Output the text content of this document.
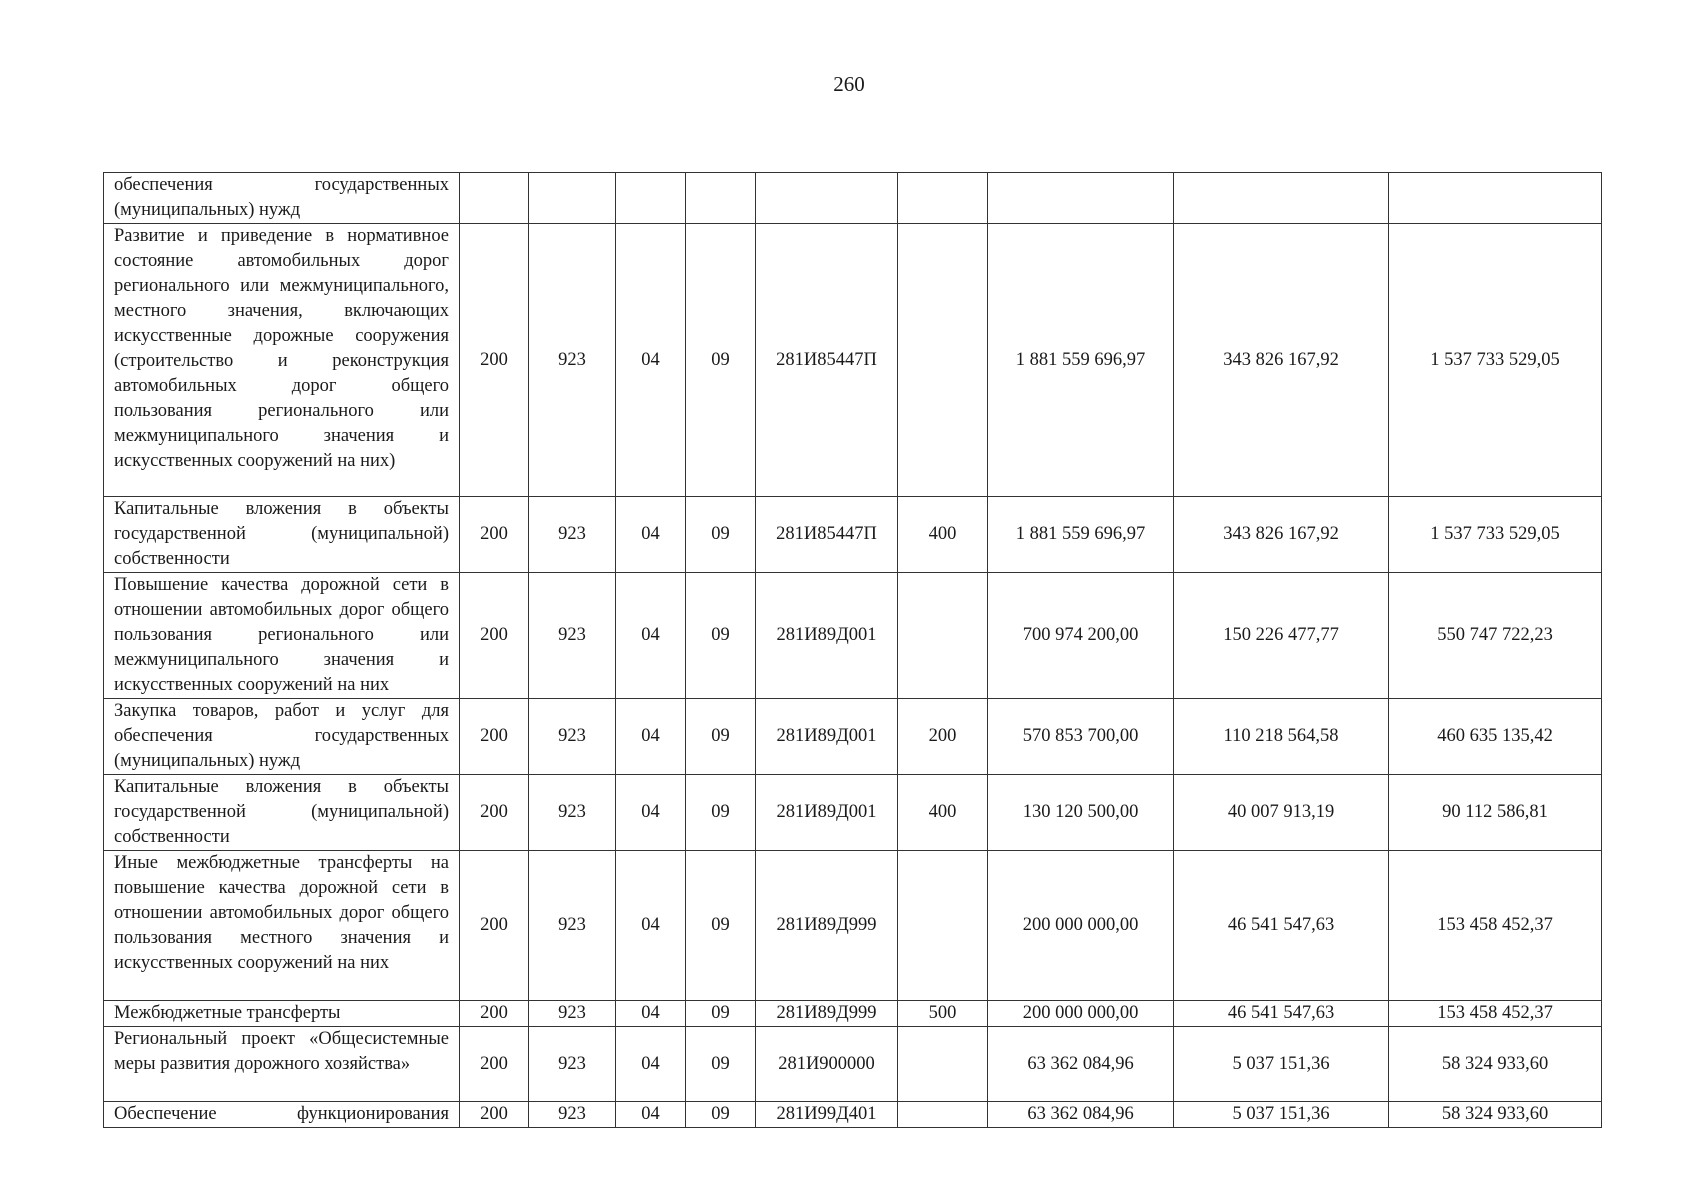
260
обеспечения государственных (муниципальных) нужд									
Развитие и приведение в нормативное состояние автомобильных дорог регионального или межмуниципального, местного значения, включающих искусственные дорожные сооружения (строительство и реконструкция автомобильных дорог общего пользования регионального или межмуниципального значения и искусственных сооружений на них)	200	923	04	09	281И85447П		1 881 559 696,97	343 826 167,92	1 537 733 529,05
Капитальные вложения в объекты государственной (муниципальной) собственности	200	923	04	09	281И85447П	400	1 881 559 696,97	343 826 167,92	1 537 733 529,05
Повышение качества дорожной сети в отношении автомобильных дорог общего пользования регионального или межмуниципального значения и искусственных сооружений на них	200	923	04	09	281И89Д001		700 974 200,00	150 226 477,77	550 747 722,23
Закупка товаров, работ и услуг для обеспечения государственных (муниципальных) нужд	200	923	04	09	281И89Д001	200	570 853 700,00	110 218 564,58	460 635 135,42
Капитальные вложения в объекты государственной (муниципальной) собственности	200	923	04	09	281И89Д001	400	130 120 500,00	40 007 913,19	90 112 586,81
Иные межбюджетные трансферты на повышение качества дорожной сети в отношении автомобильных дорог общего пользования местного значения и искусственных сооружений на них	200	923	04	09	281И89Д999		200 000 000,00	46 541 547,63	153 458 452,37
Межбюджетные трансферты	200	923	04	09	281И89Д999	500	200 000 000,00	46 541 547,63	153 458 452,37
Региональный проект «Общесистемные меры развития дорожного хозяйства»	200	923	04	09	281И900000		63 362 084,96	5 037 151,36	58 324 933,60
Обеспечение функционирования	200	923	04	09	281И99Д401		63 362 084,96	5 037 151,36	58 324 933,60
